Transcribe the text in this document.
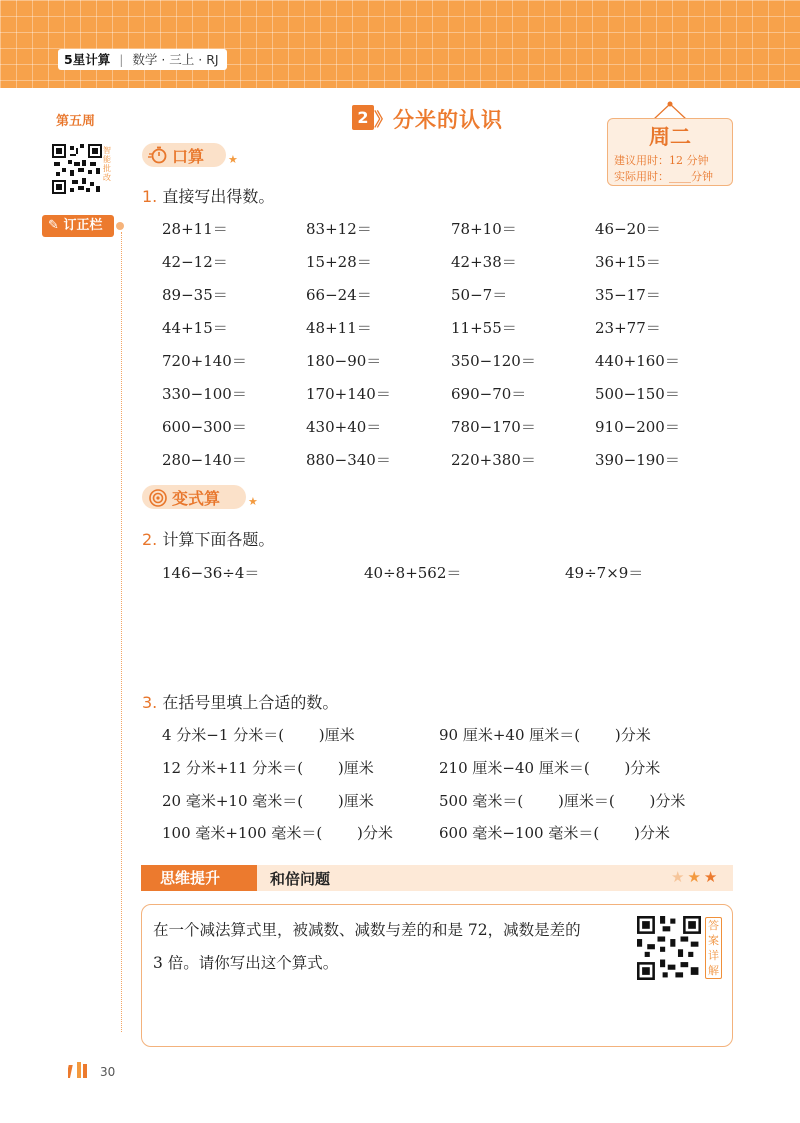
5星计算 | 数学 · 三上 · RJ
第五周
智能批改
✎ 订正栏
2 》 分米的认识
周二
建议用时：12 分钟
实际用时：____分钟
口算 ★
1. 直接写出得数。
28+11＝	83+12＝	78+10＝	46−20＝
42−12＝	15+28＝	42+38＝	36+15＝
89−35＝	66−24＝	50−7＝	35−17＝
44+15＝	48+11＝	11+55＝	23+77＝
720+140＝	180−90＝	350−120＝	440+160＝
330−100＝	170+140＝	690−70＝	500−150＝
600−300＝	430+40＝	780−170＝	910−200＝
280−140＝	880−340＝	220+380＝	390−190＝
变式算	★
2. 计算下面各题。
146−36÷4＝	40÷8+562＝	49÷7×9＝
3. 在括号里填上合适的数。
4 分米−1 分米＝(　　 )厘米
12 分米+11 分米＝(　　 )厘米
20 毫米+10 毫米＝(　　 )厘米
100 毫米+100 毫米＝(　　 )分米
90 厘米+40 厘米＝(　　 )分米
210 厘米−40 厘米＝(　　 )分米
500 毫米＝(　　 )厘米＝(　　 )分米
600 毫米−100 毫米＝(　　 )分米
思维提升	和倍问题	★★★
在一个减法算式里，被减数、减数与差的和是 72，减数是差的
3 倍。请你写出这个算式。
答案详解
30
